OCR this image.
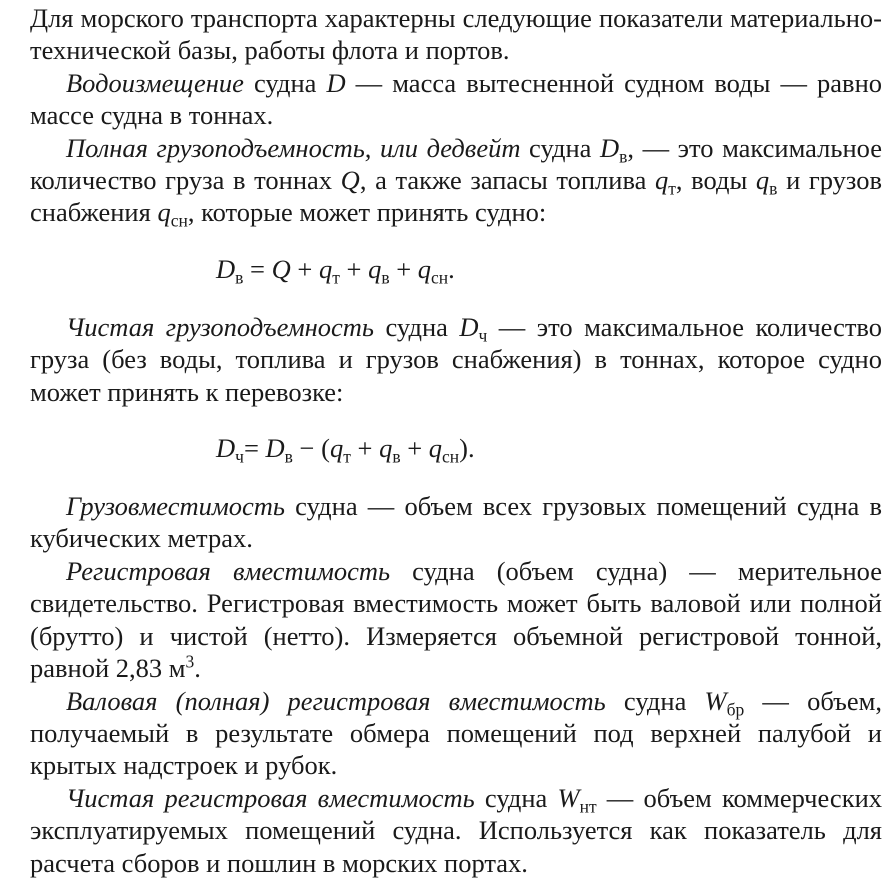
Для морского транспорта характерны следующие показатели материально-технической базы, работы флота и портов.

Водоизмещение судна D — масса вытесненной судном воды — равно массе судна в тоннах.

Полная грузоподъемность, или дедвейт судна $D_в$, — это максимальное количество груза в тоннах Q, а также запасы топлива $q_т$, воды $q_в$ и грузов снабжения $q_{сн}$, которые может принять судно:

$D_в = Q + q_т + q_в + q_{сн}$.

Чистая грузоподъемность судна $D_ч$ — это максимальное количество груза (без воды, топлива и грузов снабжения) в тоннах, которое судно может принять к перевозке:

$D_ч= D_в - (q_т + q_в + q_{сн})$.

Грузовместимость судна — объем всех грузовых помещений судна в кубических метрах.

Регистровая вместимость судна (объем судна) — мерительное свидетельство. Регистровая вместимость может быть валовой или полной (брутто) и чистой (нетто). Измеряется объемной регистровой тонной, равной 2,83 $м^3$.

Валовая (полная) регистровая вместимость судна $W_{бр}$ — объем, получаемый в результате обмера помещений под верхней палубой и крытых надстроек и рубок.

Чистая регистровая вместимость судна $W_{нт}$ — объем коммерческих эксплуатируемых помещений судна. Используется как показатель для расчета сборов и пошлин в морских портах.
